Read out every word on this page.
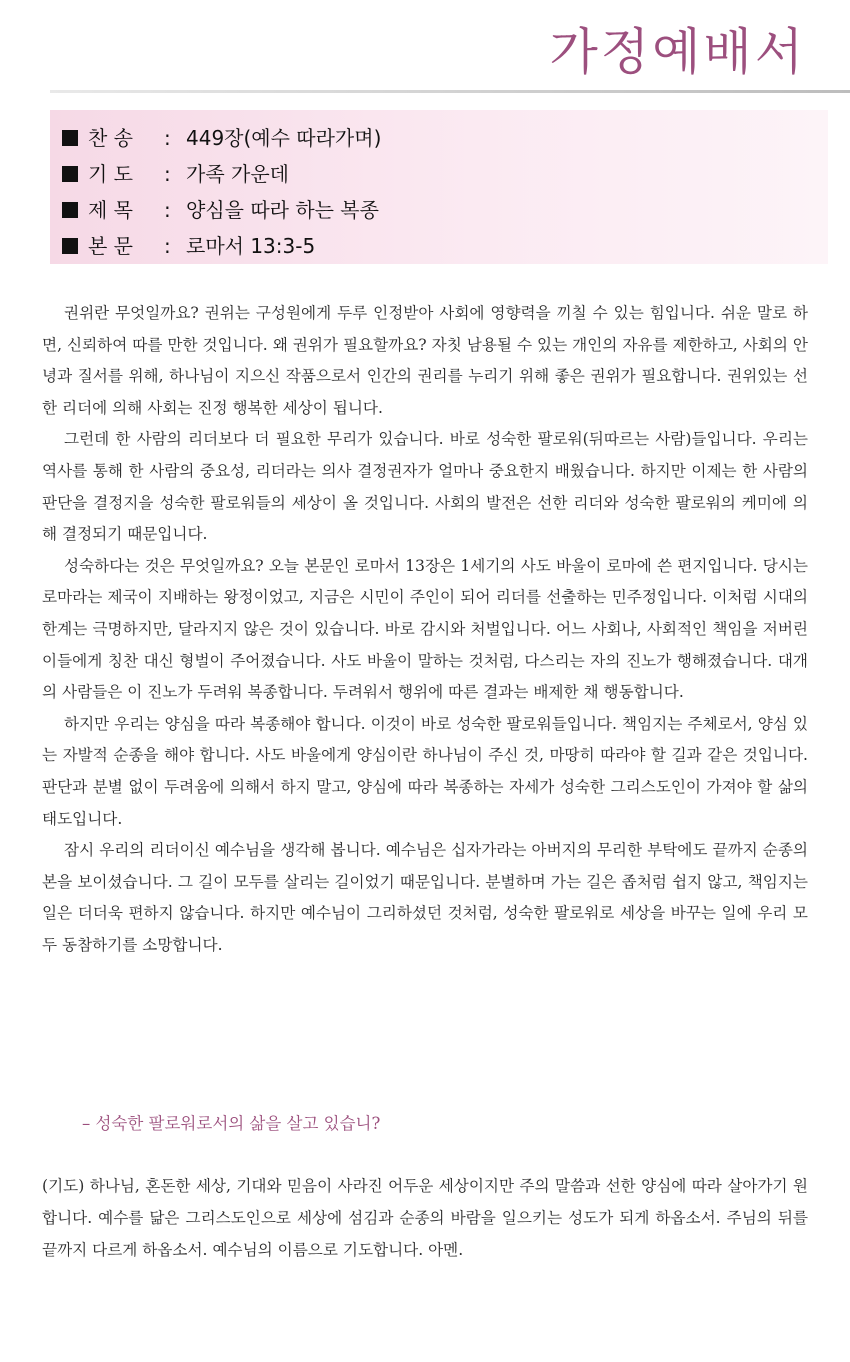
가정예배서
찬 송	: 449장(예수 따라가며)
기 도	: 가족 가운데
제 목	: 양심을 따라 하는 복종
본 문	: 로마서 13:3-5

권위란 무엇일까요? 권위는 구성원에게 두루 인정받아 사회에 영향력을 끼칠 수 있는 힘입니다. 쉬운 말로 하면, 신뢰하여 따를 만한 것입니다. 왜 권위가 필요할까요? 자칫 남용될 수 있는 개인의 자유를 제한하고, 사회의 안녕과 질서를 위해, 하나님이 지으신 작품으로서 인간의 권리를 누리기 위해 좋은 권위가 필요합니다. 권위있는 선한 리더에 의해 사회는 진정 행복한 세상이 됩니다.

그런데 한 사람의 리더보다 더 필요한 무리가 있습니다. 바로 성숙한 팔로워(뒤따르는 사람)들입니다. 우리는 역사를 통해 한 사람의 중요성, 리더라는 의사 결정권자가 얼마나 중요한지 배웠습니다. 하지만 이제는 한 사람의 판단을 결정지을 성숙한 팔로워들의 세상이 올 것입니다. 사회의 발전은 선한 리더와 성숙한 팔로워의 케미에 의해 결정되기 때문입니다.

성숙하다는 것은 무엇일까요? 오늘 본문인 로마서 13장은 1세기의 사도 바울이 로마에 쓴 편지입니다. 당시는 로마라는 제국이 지배하는 왕정이었고, 지금은 시민이 주인이 되어 리더를 선출하는 민주정입니다. 이처럼 시대의 한계는 극명하지만, 달라지지 않은 것이 있습니다. 바로 감시와 처벌입니다. 어느 사회나, 사회적인 책임을 저버린 이들에게 칭찬 대신 형벌이 주어졌습니다. 사도 바울이 말하는 것처럼, 다스리는 자의 진노가 행해졌습니다. 대개의 사람들은 이 진노가 두려워 복종합니다. 두려워서 행위에 따른 결과는 배제한 채 행동합니다.

하지만 우리는 양심을 따라 복종해야 합니다. 이것이 바로 성숙한 팔로워들입니다. 책임지는 주체로서, 양심 있는 자발적 순종을 해야 합니다. 사도 바울에게 양심이란 하나님이 주신 것, 마땅히 따라야 할 길과 같은 것입니다. 판단과 분별 없이 두려움에 의해서 하지 말고, 양심에 따라 복종하는 자세가 성숙한 그리스도인이 가져야 할 삶의 태도입니다.

잠시 우리의 리더이신 예수님을 생각해 봅니다. 예수님은 십자가라는 아버지의 무리한 부탁에도 끝까지 순종의 본을 보이셨습니다. 그 길이 모두를 살리는 길이었기 때문입니다. 분별하며 가는 길은 좁처럼 쉽지 않고, 책임지는 일은 더더욱 편하지 않습니다. 하지만 예수님이 그리하셨던 것처럼, 성숙한 팔로워로 세상을 바꾸는 일에 우리 모두 동참하기를 소망합니다.

– 성숙한 팔로워로서의 삶을 살고 있습니?
(기도) 하나님, 혼돈한 세상, 기대와 믿음이 사라진 어두운 세상이지만 주의 말씀과 선한 양심에 따라 살아가기 원합니다. 예수를 닮은 그리스도인으로 세상에 섬김과 순종의 바람을 일으키는 성도가 되게 하옵소서. 주님의 뒤를 끝까지 다르게 하옵소서. 예수님의 이름으로 기도합니다. 아멘.
